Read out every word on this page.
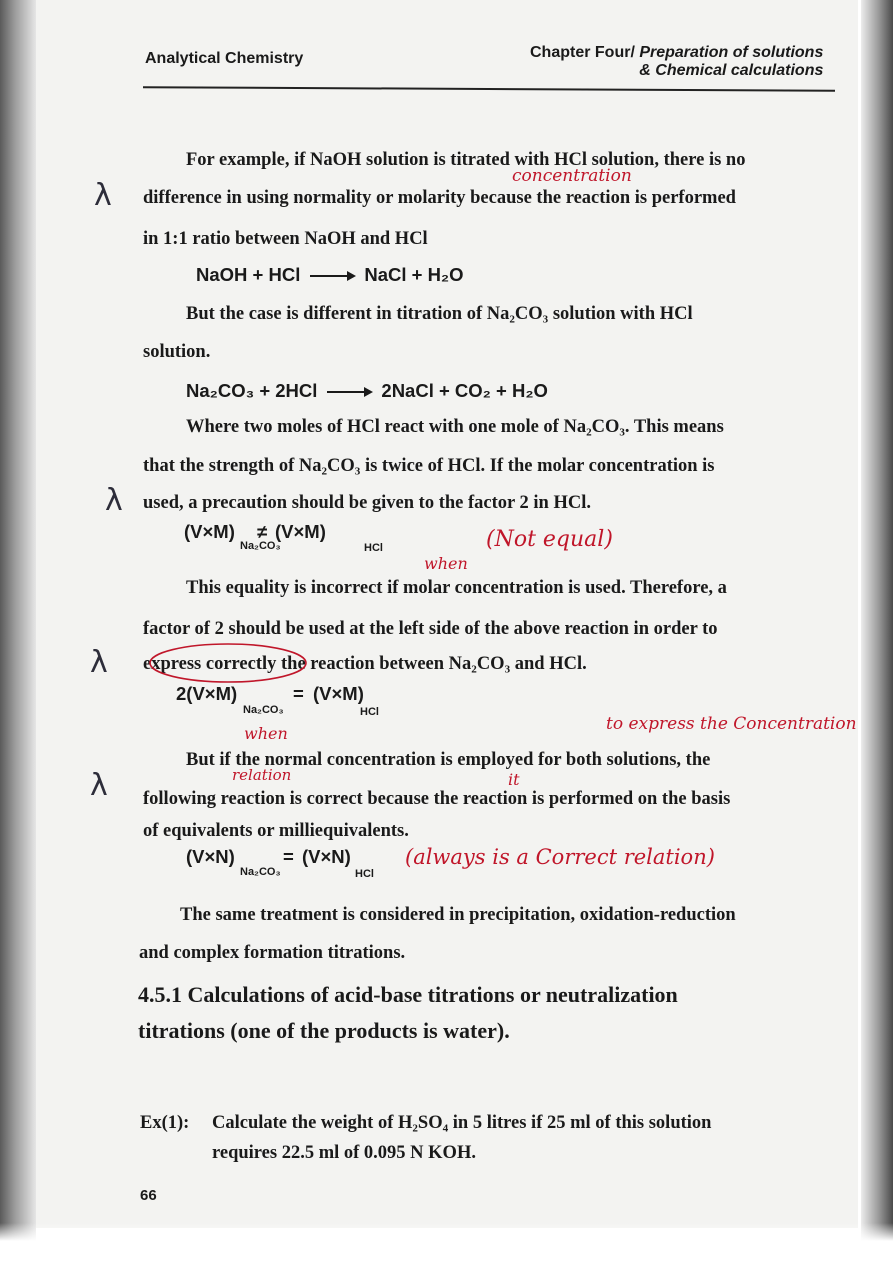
Analytical Chemistry	Chapter Four/ Preparation of solutions
& Chemical calculations
For example, if NaOH solution is titrated with HCl solution, there is no
concentration
difference in using normality or molarity because the reaction is performed
in 1:1 ratio between NaOH and HCl
λ
NaOH + HCl → NaCl + H₂O
But the case is different in titration of Na₂CO₃ solution with HCl
solution.
Na₂CO₃ + 2HCl → 2NaCl + CO₂ + H₂O
Where two moles of HCl react with one mole of Na₂CO₃. This means
that the strength of Na₂CO₃ is twice of HCl. If the molar concentration is
used, a precaution should be given to the factor 2 in HCl.
λ
(V×M) ≠ (V×M)
Na₂CO₃	HCl	(Not equal)
when
This equality is incorrect if molar concentration is used. Therefore, a
factor of 2 should be used at the left side of the above reaction in order to
express correctly the reaction between Na₂CO₃ and HCl.
λ
2(V×M)	= (V×M)
Na₂CO₃	HCl
to express the Concentration
when
But if the normal concentration is employed for both solutions, the
relation	it
following reaction is correct because the reaction is performed on the basis
of equivalents or milliequivalents.
λ
(V×N)	= (V×N)
Na₂CO₃	HCl
(always is a Correct relation)
The same treatment is considered in precipitation, oxidation-reduction
and complex formation titrations.
4.5.1 Calculations of acid-base titrations or neutralization
titrations (one of the products is water).
Ex(1): Calculate the weight of H₂SO₄ in 5 litres if 25 ml of this solution
requires 22.5 ml of 0.095 N KOH.
66
